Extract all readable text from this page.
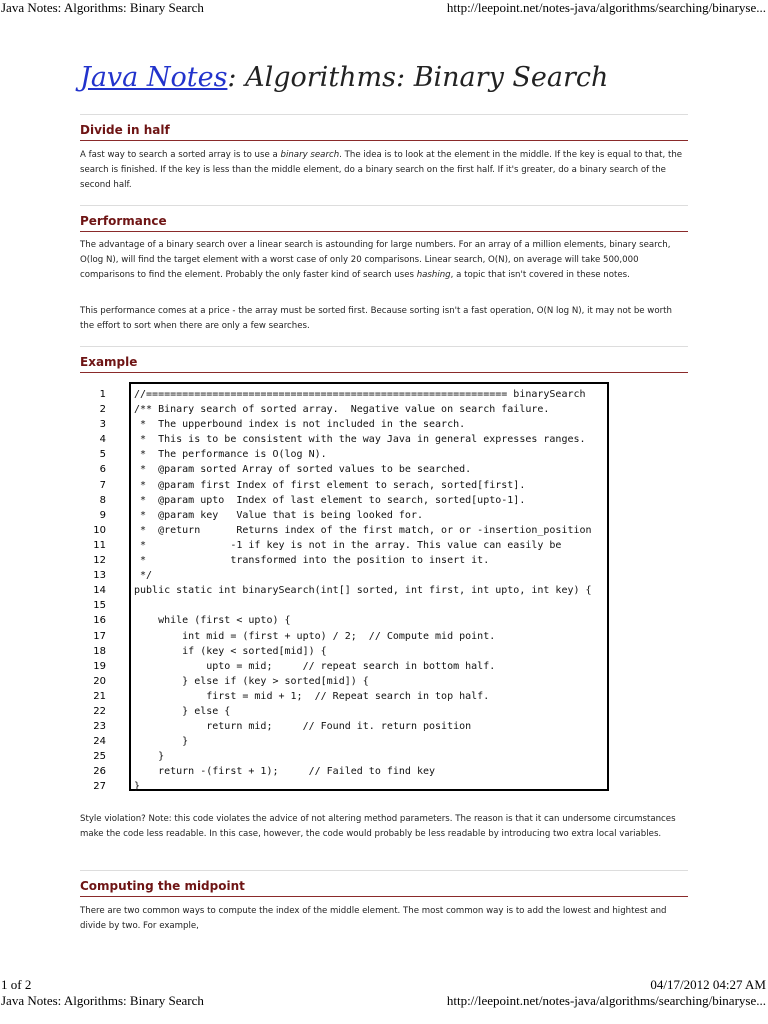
Java Notes: Algorithms: Binary Search	http://leepoint.net/notes-java/algorithms/searching/binaryse...
Java Notes: Algorithms: Binary Search
Divide in half

A fast way to search a sorted array is to use a binary search. The idea is to look at the element in the middle. If the key is equal to that, the search is finished. If the key is less than the middle element, do a binary search on the first half. If it's greater, do a binary search of the second half.

Performance

The advantage of a binary search over a linear search is astounding for large numbers. For an array of a million elements, binary search, O(log N), will find the target element with a worst case of only 20 comparisons. Linear search, O(N), on average will take 500,000 comparisons to find the element. Probably the only faster kind of search uses hashing, a topic that isn't covered in these notes.

This performance comes at a price - the array must be sorted first. Because sorting isn't a fast operation, O(N log N), it may not be worth the effort to sort when there are only a few searches.

Example
1
2
3
4
5
6
7
8
9
10
11
12
13
14
15
16
17
18
19
20
21
22
23
24
25
26
27
//============================================================ binarySearch
/** Binary search of sorted array.  Negative value on search failure.
*  The upperbound index is not included in the search.
*  This is to be consistent with the way Java in general expresses ranges.
*  The performance is O(log N).
*  @param sorted Array of sorted values to be searched.
*  @param first Index of first element to serach, sorted[first].
*  @param upto  Index of last element to search, sorted[upto-1].
*  @param key   Value that is being looked for.
*  @return      Returns index of the first match, or or -insertion_position
*              -1 if key is not in the array. This value can easily be
*              transformed into the position to insert it.
*/
public static int binarySearch(int[] sorted, int first, int upto, int key) {
while (first < upto) {
int mid = (first + upto) / 2;  // Compute mid point.
if (key < sorted[mid]) {
upto = mid;     // repeat search in bottom half.
} else if (key > sorted[mid]) {
first = mid + 1;  // Repeat search in top half.
} else {
return mid;     // Found it. return position
}
}
return -(first + 1);     // Failed to find key
}

Style violation? Note: this code violates the advice of not altering method parameters. The reason is that it can undersome circumstances make the code less readable. In this case, however, the code would probably be less readable by introducing two extra local variables.

Computing the midpoint

There are two common ways to compute the index of the middle element. The most common way is to add the lowest and hightest and divide by two. For example,

1 of 2	04/17/2012 04:27 AM
Java Notes: Algorithms: Binary Search	http://leepoint.net/notes-java/algorithms/searching/binaryse...
